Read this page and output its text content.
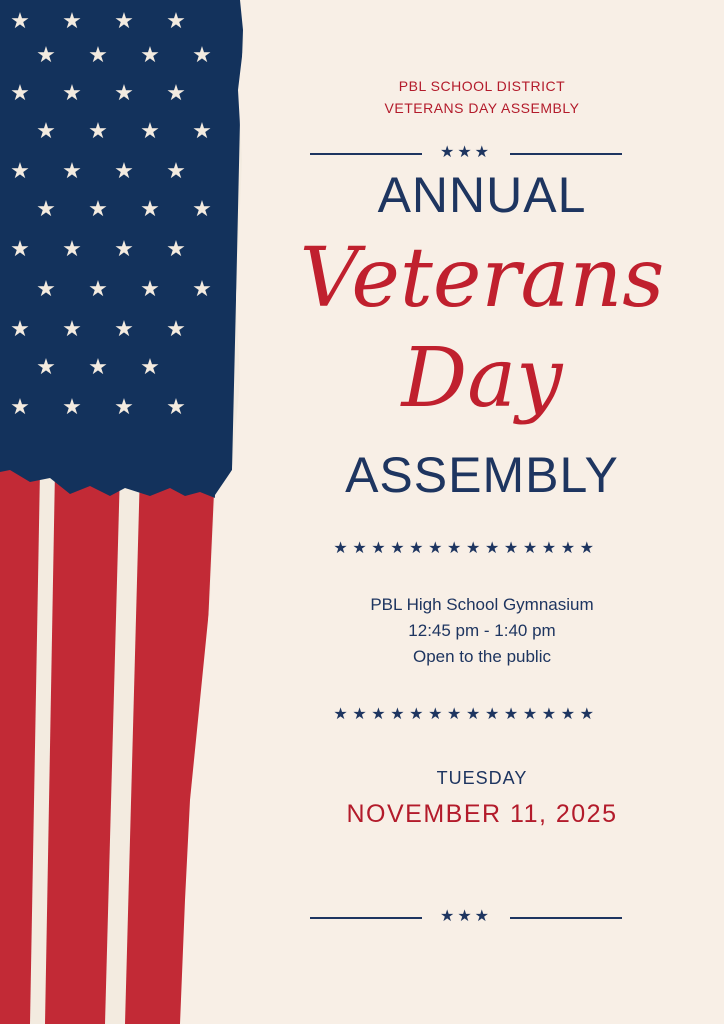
★ ★ ★ ★
★ ★ ★ ★
★ ★ ★ ★
★ ★ ★ ★
★ ★ ★ ★
★ ★ ★ ★
★ ★ ★ ★
★ ★ ★ ★
★ ★ ★ ★
★ ★ ★
★ ★ ★ ★
PBL SCHOOL DISTRICT
VETERANS DAY ASSEMBLY
★★★
ANNUAL
Veterans
Day
ASSEMBLY
★★★★★★★★★★★★★★
PBL High School Gymnasium
12:45 pm - 1:40 pm
Open to the public
★★★★★★★★★★★★★★
TUESDAY
NOVEMBER 11, 2025
★★★
